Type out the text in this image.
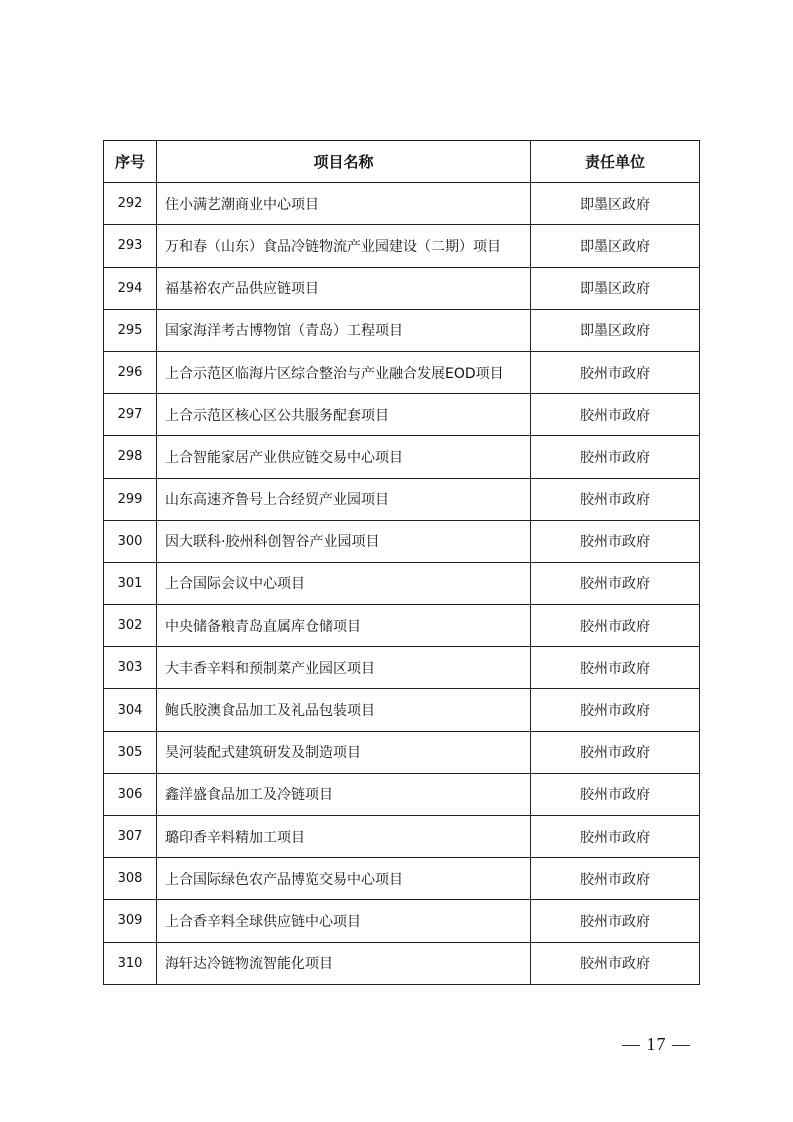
序号	项目名称	责任单位
292	住小满艺潮商业中心项目	即墨区政府
293	万和春（山东）食品冷链物流产业园建设（二期）项目	即墨区政府
294	福基裕农产品供应链项目	即墨区政府
295	国家海洋考古博物馆（青岛）工程项目	即墨区政府
296	上合示范区临海片区综合整治与产业融合发展EOD项目	胶州市政府
297	上合示范区核心区公共服务配套项目	胶州市政府
298	上合智能家居产业供应链交易中心项目	胶州市政府
299	山东高速齐鲁号上合经贸产业园项目	胶州市政府
300	因大联科·胶州科创智谷产业园项目	胶州市政府
301	上合国际会议中心项目	胶州市政府
302	中央储备粮青岛直属库仓储项目	胶州市政府
303	大丰香辛料和预制菜产业园区项目	胶州市政府
304	鲍氏胶澳食品加工及礼品包装项目	胶州市政府
305	昊河装配式建筑研发及制造项目	胶州市政府
306	鑫洋盛食品加工及冷链项目	胶州市政府
307	璐印香辛料精加工项目	胶州市政府
308	上合国际绿色农产品博览交易中心项目	胶州市政府
309	上合香辛料全球供应链中心项目	胶州市政府
310	海轩达冷链物流智能化项目	胶州市政府
— 17 —
